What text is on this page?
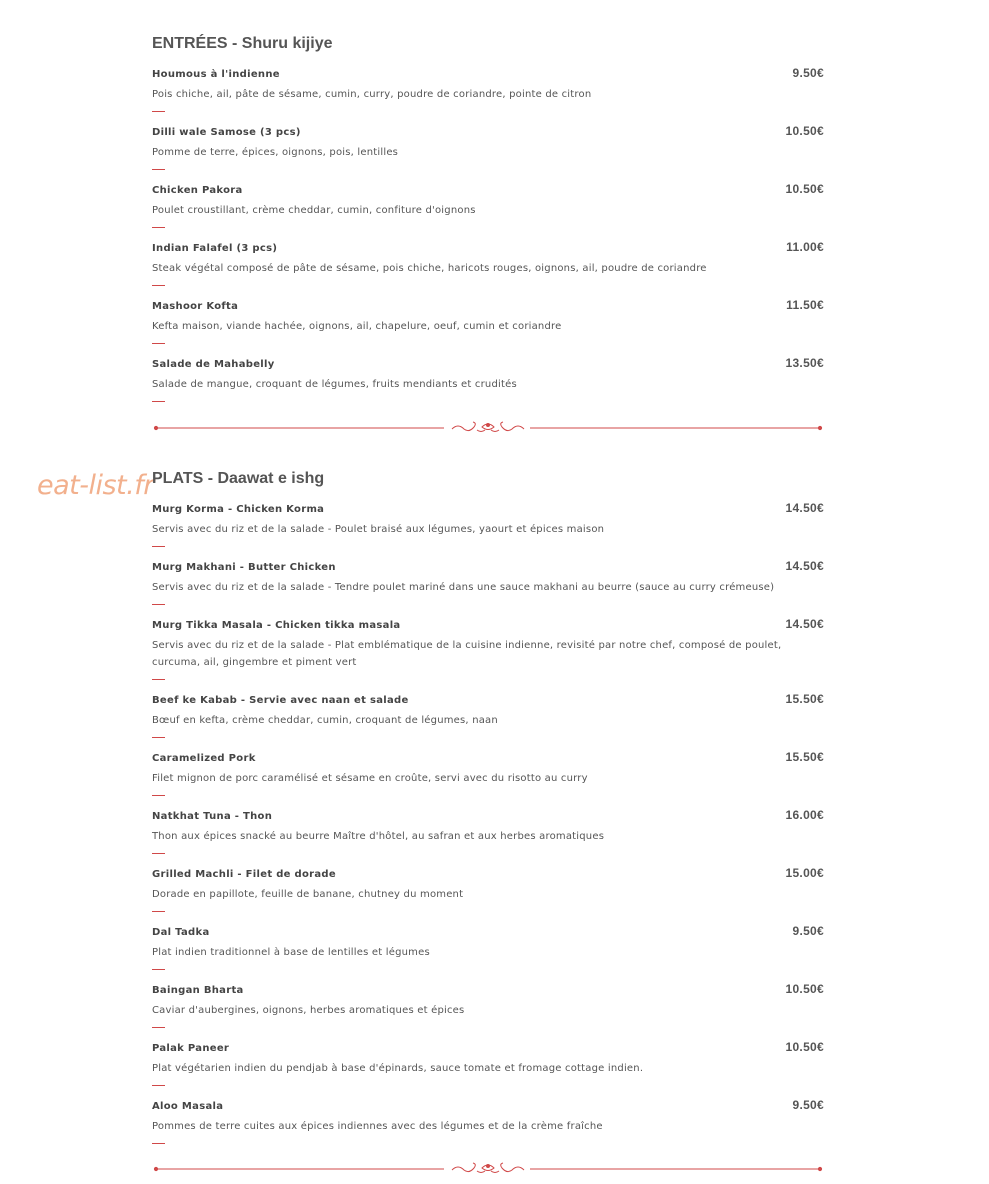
eat-list.fr
ENTRÉES - Shuru kijiye
Houmous à l'indienne	9.50€
Pois chiche, ail, pâte de sésame, cumin, curry, poudre de coriandre, pointe de citron
Dilli wale Samose (3 pcs)	10.50€
Pomme de terre, épices, oignons, pois, lentilles
Chicken Pakora	10.50€
Poulet croustillant, crème cheddar, cumin, confiture d'oignons
Indian Falafel (3 pcs)	11.00€
Steak végétal composé de pâte de sésame, pois chiche, haricots rouges, oignons, ail, poudre de coriandre
Mashoor Kofta	11.50€
Kefta maison, viande hachée, oignons, ail, chapelure, oeuf, cumin et coriandre
Salade de Mahabelly	13.50€
Salade de mangue, croquant de légumes, fruits mendiants et crudités
PLATS - Daawat e ishg
Murg Korma - Chicken Korma	14.50€
Servis avec du riz et de la salade - Poulet braisé aux légumes, yaourt et épices maison
Murg Makhani - Butter Chicken	14.50€
Servis avec du riz et de la salade - Tendre poulet mariné dans une sauce makhani au beurre (sauce au curry crémeuse)
Murg Tikka Masala - Chicken tikka masala	14.50€
Servis avec du riz et de la salade - Plat emblématique de la cuisine indienne, revisité par notre chef, composé de poulet, curcuma, ail, gingembre et piment vert
Beef ke Kabab - Servie avec naan et salade	15.50€
Bœuf en kefta, crème cheddar, cumin, croquant de légumes, naan
Caramelized Pork	15.50€
Filet mignon de porc caramélisé et sésame en croûte, servi avec du risotto au curry
Natkhat Tuna - Thon	16.00€
Thon aux épices snacké au beurre Maître d'hôtel, au safran et aux herbes aromatiques
Grilled Machli - Filet de dorade	15.00€
Dorade en papillote, feuille de banane, chutney du moment
Dal Tadka	9.50€
Plat indien traditionnel à base de lentilles et légumes
Baingan Bharta	10.50€
Caviar d'aubergines, oignons, herbes aromatiques et épices
Palak Paneer	10.50€
Plat végétarien indien du pendjab à base d'épinards, sauce tomate et fromage cottage indien.
Aloo Masala	9.50€
Pommes de terre cuites aux épices indiennes avec des légumes et de la crème fraîche
